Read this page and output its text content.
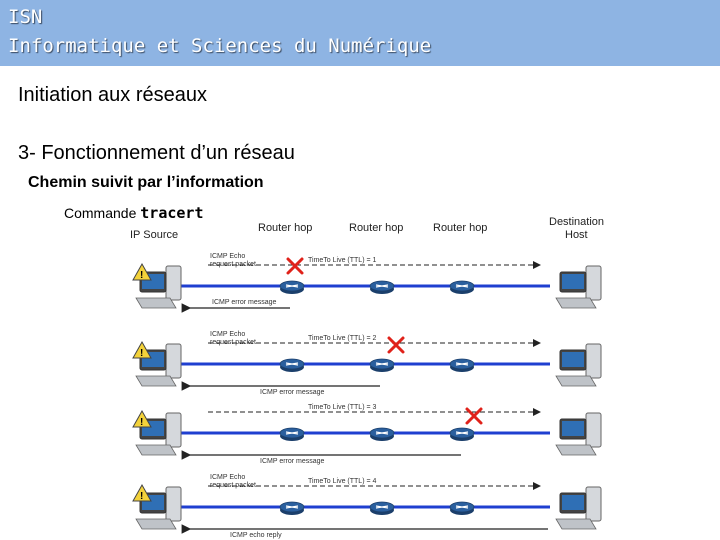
ISN
Informatique et Sciences du Numérique
Initiation aux réseaux
3- Fonctionnement d’un réseau
Chemin suivit par l’information
Commande tracert
IP Source
Router hop	Router hop	Router hop	Destination
Host
!
TimeTo Live (TTL) = 1
ICMP Echo
request packet
ICMP error message
!
TimeTo Live (TTL) = 2
ICMP Echo
request packet
ICMP error message
!
TimeTo Live (TTL) = 3
ICMP error message
!
TimeTo Live (TTL) = 4
ICMP Echo
request packet
ICMP echo reply
